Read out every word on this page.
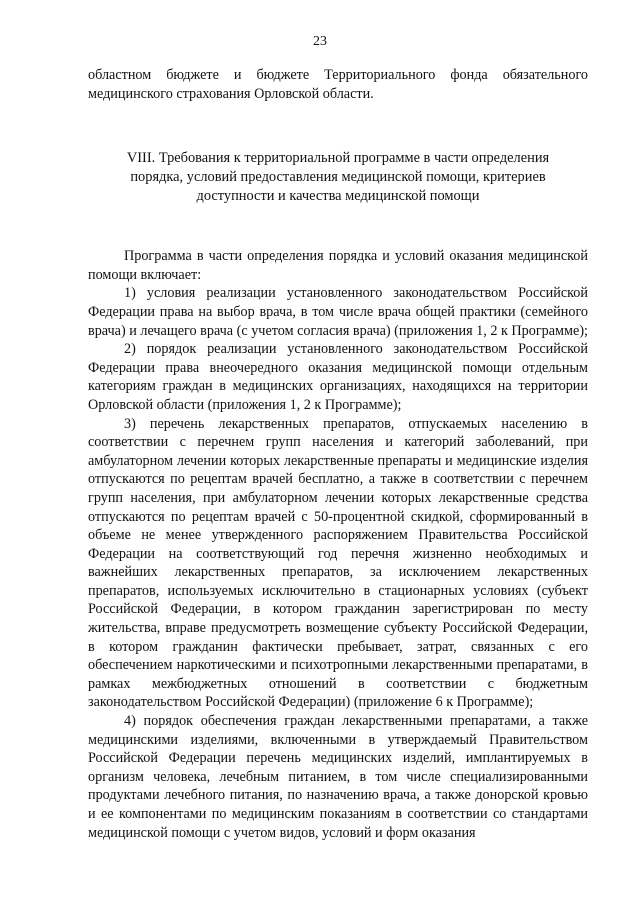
23

областном бюджете и бюджете Территориального фонда обязательного медицинского страхования Орловской области.

VIII. Требования к территориальной программе в части определения
порядка, условий предоставления медицинской помощи, критериев
доступности и качества медицинской помощи

Программа в части определения порядка и условий оказания медицинской помощи включает:

1) условия реализации установленного законодательством Российской Федерации права на выбор врача, в том числе врача общей практики (семейного врача) и лечащего врача (с учетом согласия врача) (приложения 1, 2 к Программе);

2) порядок реализации установленного законодательством Российской Федерации права внеочередного оказания медицинской помощи отдельным категориям граждан в медицинских организациях, находящихся на территории Орловской области (приложения 1, 2 к Программе);

3) перечень лекарственных препаратов, отпускаемых населению в соответствии с перечнем групп населения и категорий заболеваний, при амбулаторном лечении которых лекарственные препараты и медицинские изделия отпускаются по рецептам врачей бесплатно, а также в соответствии с перечнем групп населения, при амбулаторном лечении которых лекарственные средства отпускаются по рецептам врачей с 50-процентной скидкой, сформированный в объеме не менее утвержденного распоряжением Правительства Российской Федерации на соответствующий год перечня жизненно необходимых и важнейших лекарственных препаратов, за исключением лекарственных препаратов, используемых исключительно в стационарных условиях (субъект Российской Федерации, в котором гражданин зарегистрирован по месту жительства, вправе предусмотреть возмещение субъекту Российской Федерации, в котором гражданин фактически пребывает, затрат, связанных с его обеспечением наркотическими и психотропными лекарственными препаратами, в рамках межбюджетных отношений в соответствии с бюджетным законодательством Российской Федерации) (приложение 6 к Программе);

4) порядок обеспечения граждан лекарственными препаратами, а также медицинскими изделиями, включенными в утверждаемый Правительством Российской Федерации перечень медицинских изделий, имплантируемых в организм человека, лечебным питанием, в том числе специализированными продуктами лечебного питания, по назначению врача, а также донорской кровью и ее компонентами по медицинским показаниям в соответствии со стандартами медицинской помощи с учетом видов, условий и форм оказания
